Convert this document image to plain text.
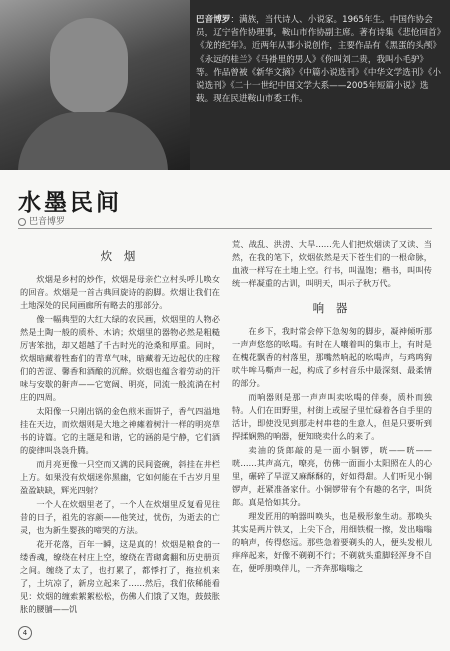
巴音博罗：满族，当代诗人、小说家。1965年生。中国作协会员，辽宁省作协理事，鞍山市作协副主席。著有诗集《悲怆回首》《龙的纪年》。近两年从事小说创作，主要作品有《黑蛋的头颅》《永远的桂兰》《马褂里的男人》《你叫刘二贵，我叫小毛驴》等。作品曾被《新华文摘》《中篇小说选刊》《中华文学选刊》《小说选刊》《二十一世纪中国文学大系——2005年短篇小说》选载。现在民进鞍山市委工作。
水墨民间
巴音博罗
炊 烟

炊烟是乡村的炒作，炊烟是母亲伫立村头呼儿唤女的回音。炊烟是一首古典回旋诗的韵脚。炊烟让我们在土地深处的民间画廊所有略去的那部分。

像一幅典型的大红大绿的农民画，炊烟里的人物必然是土陶一般的质朴、木讷；炊烟里的器物必然是粗糙厉害笨拙，却又超越了千古时光的沧桑和厚重。同时，炊烟暗藏着牲畜们的青草气味，暗藏着无边起伏的庄稼们的苦涩、馨香和酒酿的沉醉。炊烟也蕴含着劳动的汗味与安歇的鼾声——它宽阔、明亮，同流一般流淌在村庄的四周。

太阳像一只刚出锅的金色煎米面饼子，香气四溢地挂在天边，而炊烟则是大地之神瘫着树汁一样的明亮草书的诗篇。它的主题是和谐，它的涵韵是宁静，它们酒的旋律叫袅袅升腾。

而月亮更像一只空而又满的民间瓷碗，斜挂在井栏上方。如果没有炊烟迷你黑幽，它如何能在千古岁月里盈盈缺缺，辉光四射？

一个人在炊烟里老了，一个人在炊烟里反复看见往昔的日子，祖先的容颜——他笑过，忧伤，为逝去的亡灵，也为新生婴孩的啼哭的方法。

花开花落，百年一瞬，这是真的！炊烟是粮食的一缕香魂，缭绕在村庄上空，缭绕在青砌禽翻和历史册页之间。缠绕了太了，也打累了，都悸打了，拖拉机来了，土坑凉了，新房立起来了……然后，我们依稀能看见：炊烟的缠索絮絮松松，伤佛人们饿了又饱，鼓鼓胀胀的腰脯——饥

荒、战乱、洪涝、大旱……先人们把炊烟读了又读、当然，在我的笔下，炊烟依然是天下苍生们的一根命脉，血液一样写在土地上空。行书，叫温饱；楷书，叫叫传统一样凝重的古训，叫明天，叫示子秋万代。

响 器

在乡下，我时常会停下急匆匆的脚步，凝神倾听那一声声悠悠的吆喝。有时在人嚷着叫的集市上，有时是在槐花飘香的村落里，那嘴然响起的吆喝声，与鸡鸣狗吠牛哞马嘶声一起，构成了乡村音乐中最深刻、最柔情的部分。

而响器则是那一声声叫卖吆喝的伴奏，质朴而独特。人们在田野里，村街上或屋子里忙碌着各自手里的活计，即使没见到那走村串巷的生意人，但是只要听到捍揉娴熟的响器，便知晓卖什么的来了。

卖油的货郎敲的是一面小铜锣，咣——咣——咣……其声高亢，嘹亮，仿佛一面面小太阳照在人的心里，碾碎了旱涩又麻酥酥的，好如得甜。人们听见小铜锣声，赶紧准备家什。小铜锣带有个有趣的名字，叫货郎。真是恰如其分。

理发匠用的响器叫唤头，也是极形象生动。那唤头其实是两片铁叉，上尖下合，用细铁棍一擦，发出嗡嗡的响声，传得悠远。那些急着要剃头的人，便头发根儿痒痒起来，好像不剃剃不行；不剃就头重脚轻浑身不自在，便呼朋唤伴儿，一齐奔那嗡嗡之

4
